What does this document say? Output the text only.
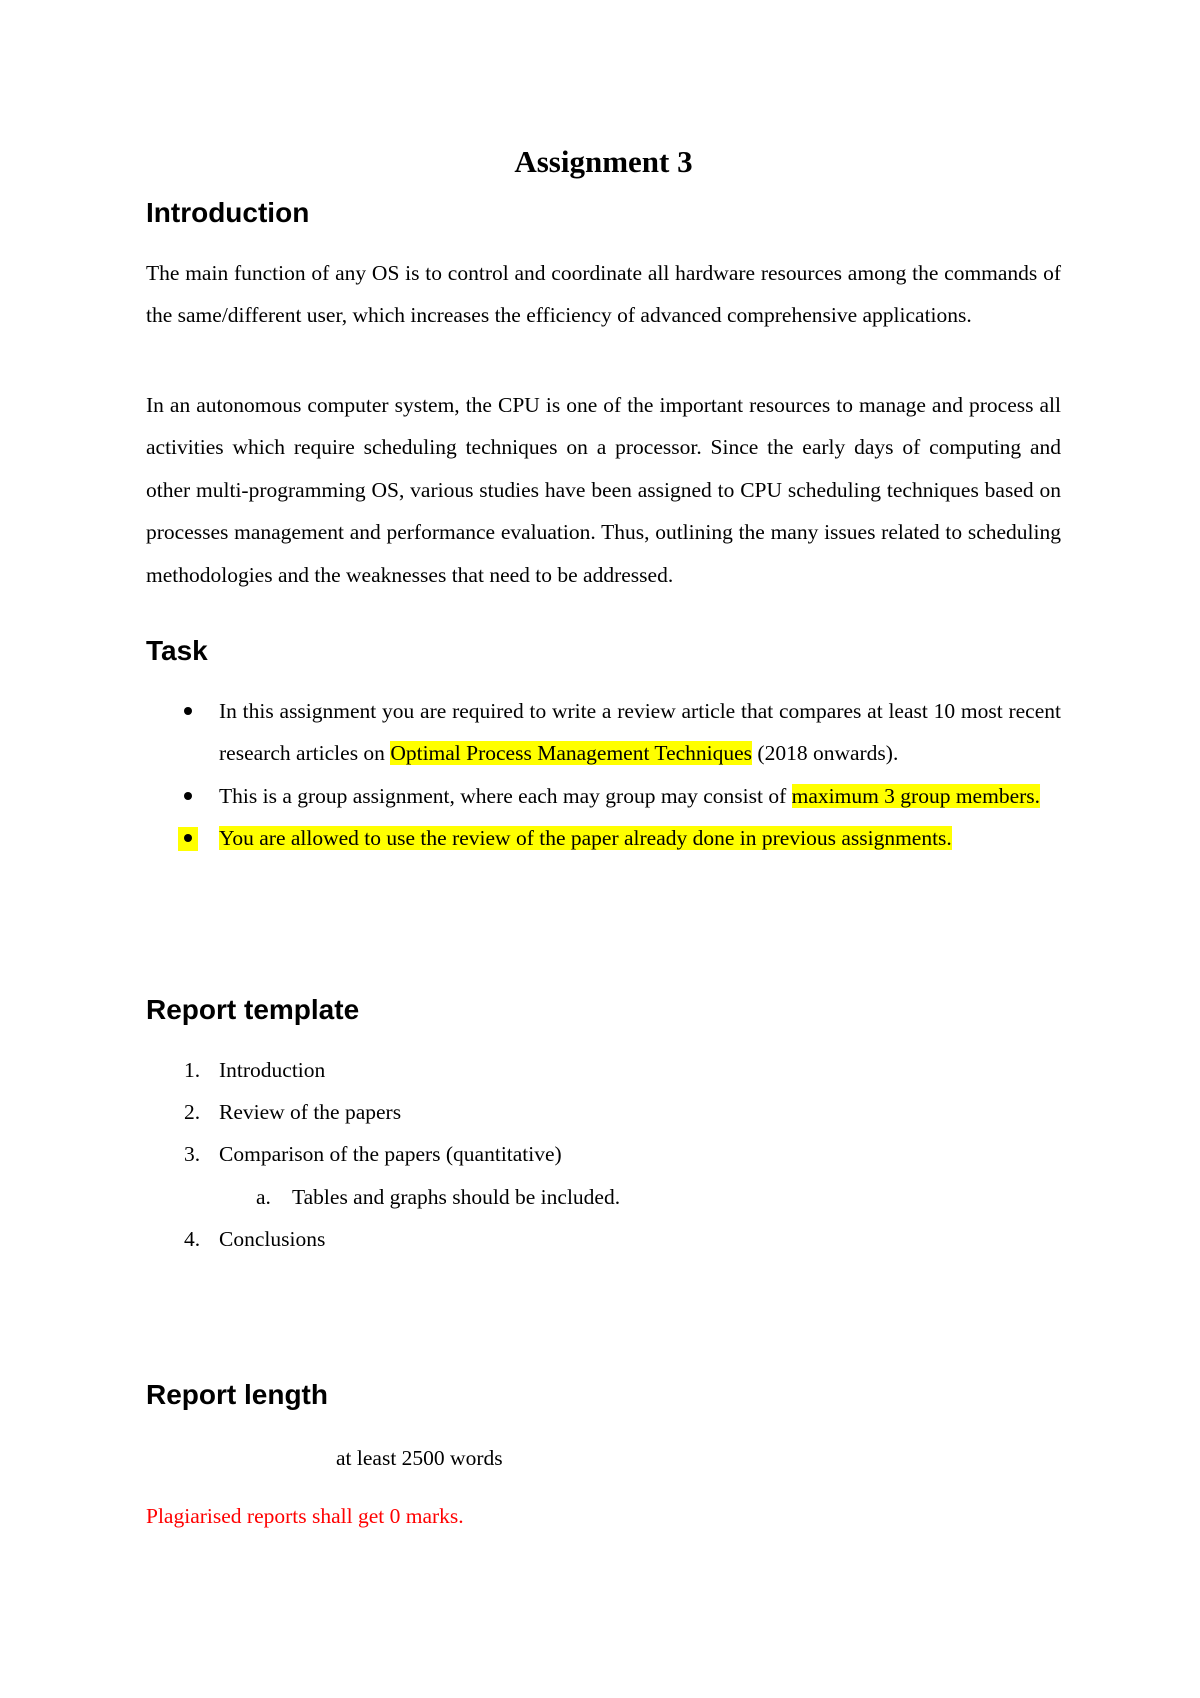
Assignment 3
Introduction

The main function of any OS is to control and coordinate all hardware resources among the commands of the same/different user, which increases the efficiency of advanced comprehensive applications.

In an autonomous computer system, the CPU is one of the important resources to manage and process all activities which require scheduling techniques on a processor. Since the early days of computing and other multi-programming OS, various studies have been assigned to CPU scheduling techniques based on processes management and performance evaluation. Thus, outlining the many issues related to scheduling methodologies and the weaknesses that need to be addressed.

Task
In this assignment you are required to write a review article that compares at least 10 most recent research articles on Optimal Process Management Techniques (2018 onwards).
This is a group assignment, where each may group may consist of maximum 3 group members.
You are allowed to use the review of the paper already done in previous assignments.
Report template
1. Introduction
2. Review of the papers
3. Comparison of the papers (quantitative)
a. Tables and graphs should be included.
4. Conclusions
Report length

at least 2500 words

Plagiarised reports shall get 0 marks.
